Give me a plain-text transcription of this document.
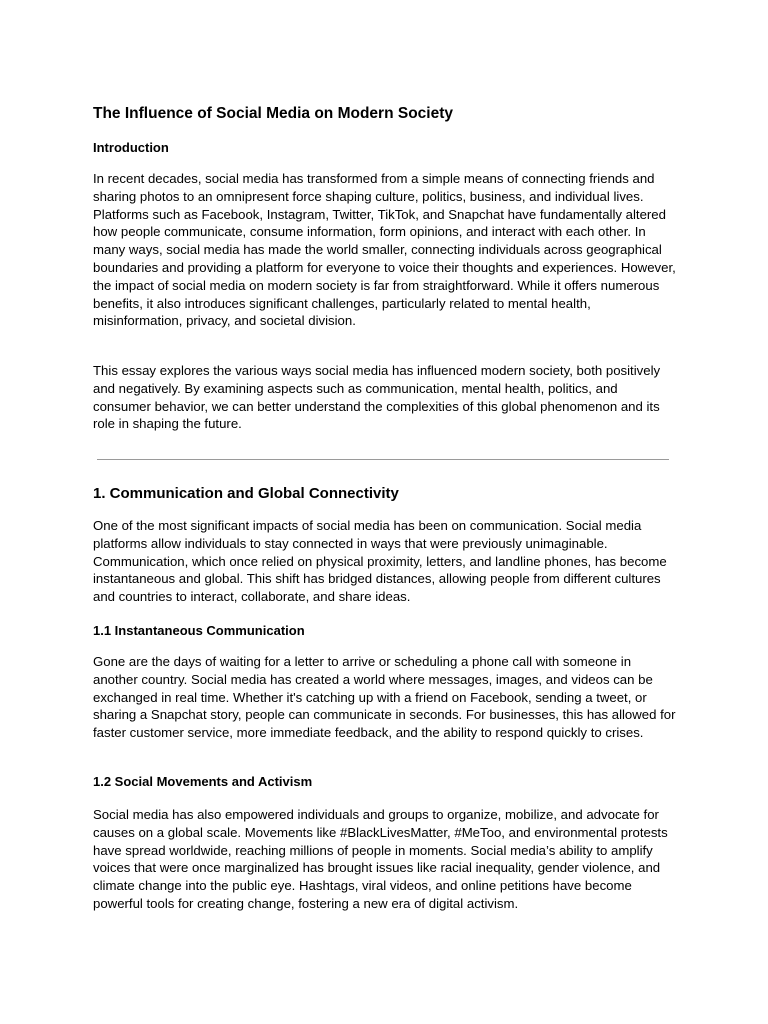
The Influence of Social Media on Modern Society
Introduction

In recent decades, social media has transformed from a simple means of connecting friends and sharing photos to an omnipresent force shaping culture, politics, business, and individual lives. Platforms such as Facebook, Instagram, Twitter, TikTok, and Snapchat have fundamentally altered how people communicate, consume information, form opinions, and interact with each other. In many ways, social media has made the world smaller, connecting individuals across geographical boundaries and providing a platform for everyone to voice their thoughts and experiences. However, the impact of social media on modern society is far from straightforward. While it offers numerous benefits, it also introduces significant challenges, particularly related to mental health, misinformation, privacy, and societal division.

This essay explores the various ways social media has influenced modern society, both positively and negatively. By examining aspects such as communication, mental health, politics, and consumer behavior, we can better understand the complexities of this global phenomenon and its role in shaping the future.

1. Communication and Global Connectivity

One of the most significant impacts of social media has been on communication. Social media platforms allow individuals to stay connected in ways that were previously unimaginable. Communication, which once relied on physical proximity, letters, and landline phones, has become instantaneous and global. This shift has bridged distances, allowing people from different cultures and countries to interact, collaborate, and share ideas.

1.1 Instantaneous Communication

Gone are the days of waiting for a letter to arrive or scheduling a phone call with someone in another country. Social media has created a world where messages, images, and videos can be exchanged in real time. Whether it's catching up with a friend on Facebook, sending a tweet, or sharing a Snapchat story, people can communicate in seconds. For businesses, this has allowed for faster customer service, more immediate feedback, and the ability to respond quickly to crises.

1.2 Social Movements and Activism

Social media has also empowered individuals and groups to organize, mobilize, and advocate for causes on a global scale. Movements like #BlackLivesMatter, #MeToo, and environmental protests have spread worldwide, reaching millions of people in moments. Social media’s ability to amplify voices that were once marginalized has brought issues like racial inequality, gender violence, and climate change into the public eye. Hashtags, viral videos, and online petitions have become powerful tools for creating change, fostering a new era of digital activism.
